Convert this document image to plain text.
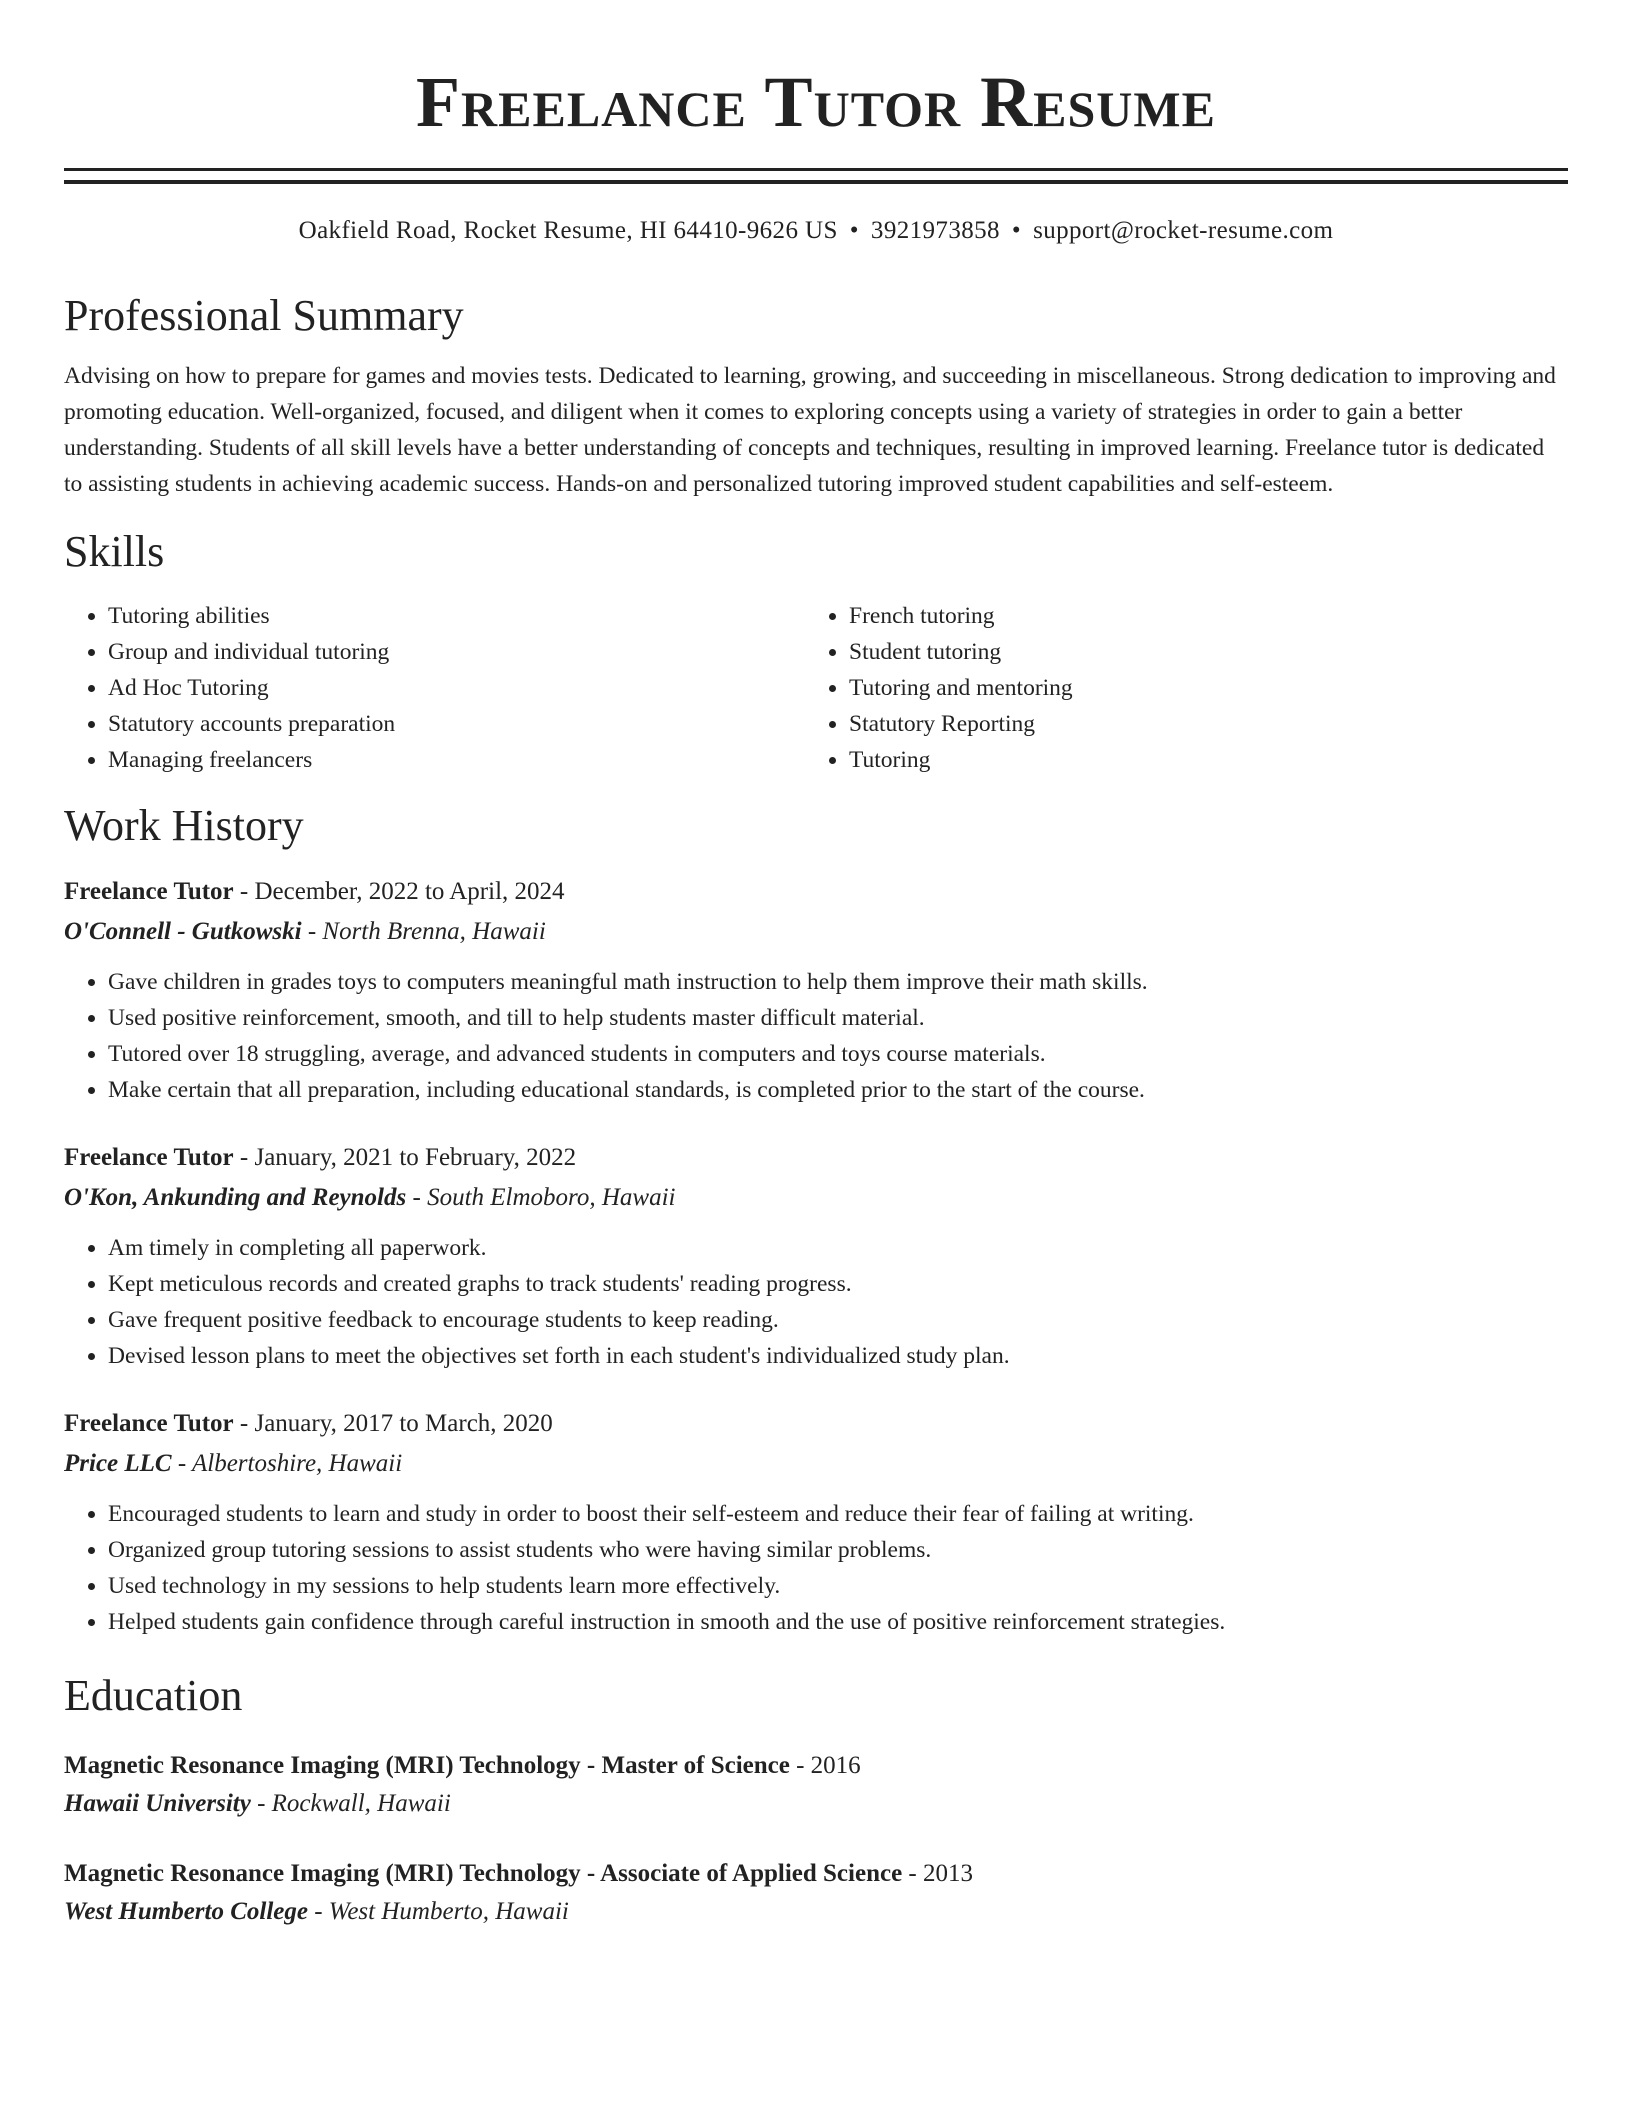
Freelance Tutor Resume
Oakfield Road, Rocket Resume, HI 64410-9626 US • 3921973858 • support@rocket-resume.com
Professional Summary

Advising on how to prepare for games and movies tests. Dedicated to learning, growing, and succeeding in miscellaneous. Strong dedication to improving and promoting education. Well-organized, focused, and diligent when it comes to exploring concepts using a variety of strategies in order to gain a better understanding. Students of all skill levels have a better understanding of concepts and techniques, resulting in improved learning. Freelance tutor is dedicated to assisting students in achieving academic success. Hands-on and personalized tutoring improved student capabilities and self-esteem.

Skills
• Tutoring abilities
• Group and individual tutoring
• Ad Hoc Tutoring
• Statutory accounts preparation
• Managing freelancers
• French tutoring
• Student tutoring
• Tutoring and mentoring
• Statutory Reporting
• Tutoring
Work History
Freelance Tutor - December, 2022 to April, 2024
O'Connell - Gutkowski - North Brenna, Hawaii
• Gave children in grades toys to computers meaningful math instruction to help them improve their math skills.
• Used positive reinforcement, smooth, and till to help students master difficult material.
• Tutored over 18 struggling, average, and advanced students in computers and toys course materials.
• Make certain that all preparation, including educational standards, is completed prior to the start of the course.
Freelance Tutor - January, 2021 to February, 2022
O'Kon, Ankunding and Reynolds - South Elmoboro, Hawaii
• Am timely in completing all paperwork.
• Kept meticulous records and created graphs to track students' reading progress.
• Gave frequent positive feedback to encourage students to keep reading.
• Devised lesson plans to meet the objectives set forth in each student's individualized study plan.
Freelance Tutor - January, 2017 to March, 2020
Price LLC - Albertoshire, Hawaii
• Encouraged students to learn and study in order to boost their self-esteem and reduce their fear of failing at writing.
• Organized group tutoring sessions to assist students who were having similar problems.
• Used technology in my sessions to help students learn more effectively.
• Helped students gain confidence through careful instruction in smooth and the use of positive reinforcement strategies.
Education
Magnetic Resonance Imaging (MRI) Technology - Master of Science - 2016
Hawaii University - Rockwall, Hawaii
Magnetic Resonance Imaging (MRI) Technology - Associate of Applied Science - 2013
West Humberto College - West Humberto, Hawaii
